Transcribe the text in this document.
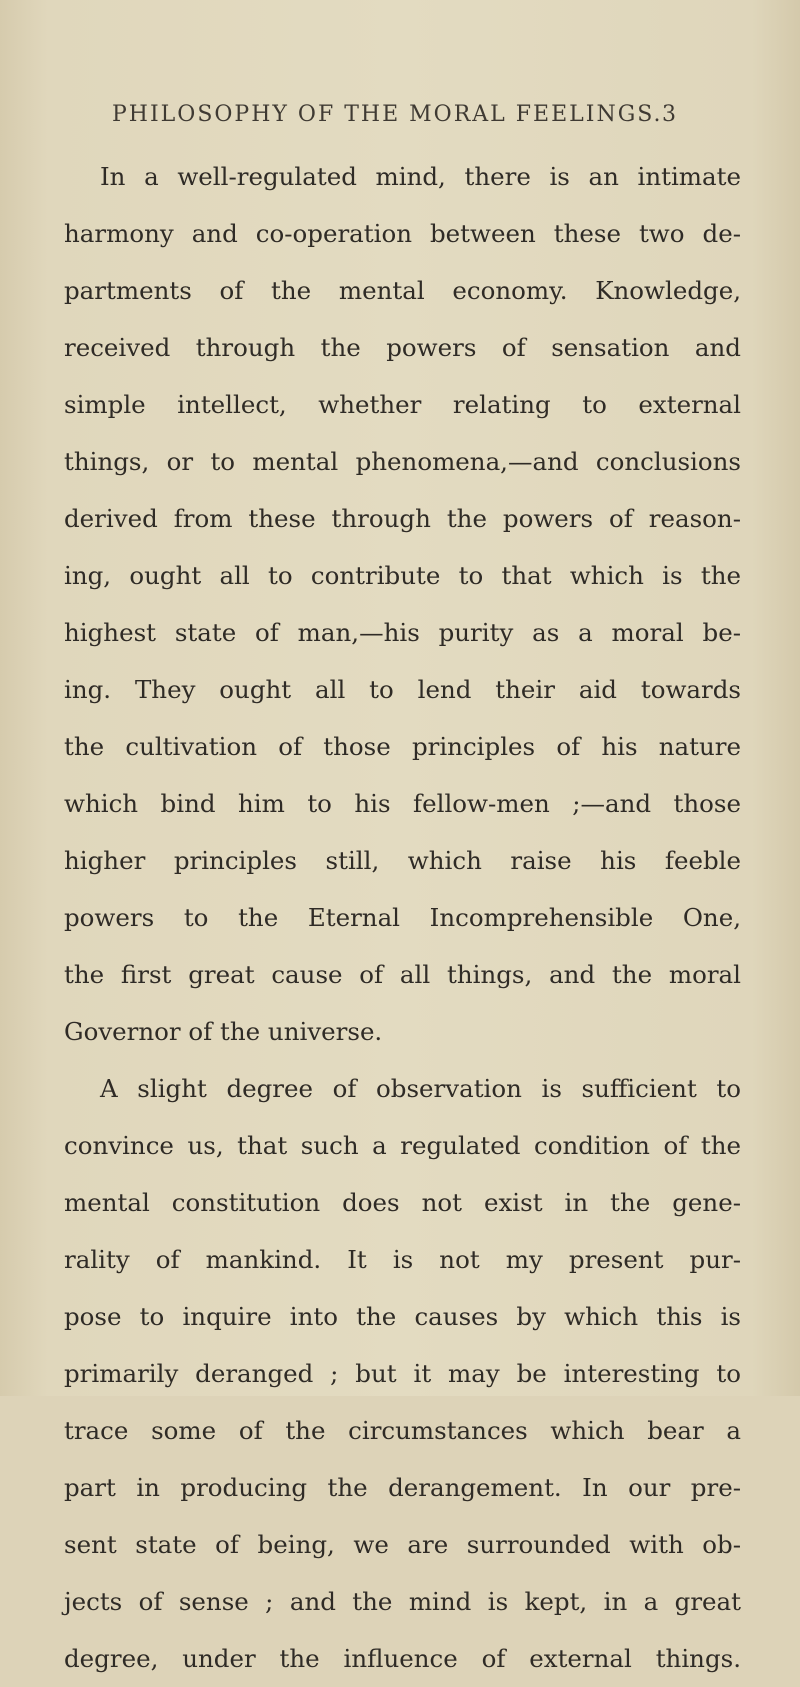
PHILOSOPHY OF THE MORAL FEELINGS. 3
In a well-regulated mind, there is an intimate
harmony and co-operation between these two de-
partments of the mental economy. Knowledge,
received through the powers of sensation and
simple intellect, whether relating to external
things, or to mental phenomena,—and conclusions
derived from these through the powers of reason-
ing, ought all to contribute to that which is the
highest state of man,—his purity as a moral be-
ing. They ought all to lend their aid towards
the cultivation of those principles of his nature
which bind him to his fellow-men ;—and those
higher principles still, which raise his feeble
powers to the Eternal Incomprehensible One,
the first great cause of all things, and the moral
Governor of the universe.
A slight degree of observation is sufficient to
convince us, that such a regulated condition of the
mental constitution does not exist in the gene-
rality of mankind. It is not my present pur-
pose to inquire into the causes by which this is
primarily deranged ; but it may be interesting to
trace some of the circumstances which bear a
part in producing the derangement. In our pre-
sent state of being, we are surrounded with ob-
jects of sense ; and the mind is kept, in a great
degree, under the influence of external things.
